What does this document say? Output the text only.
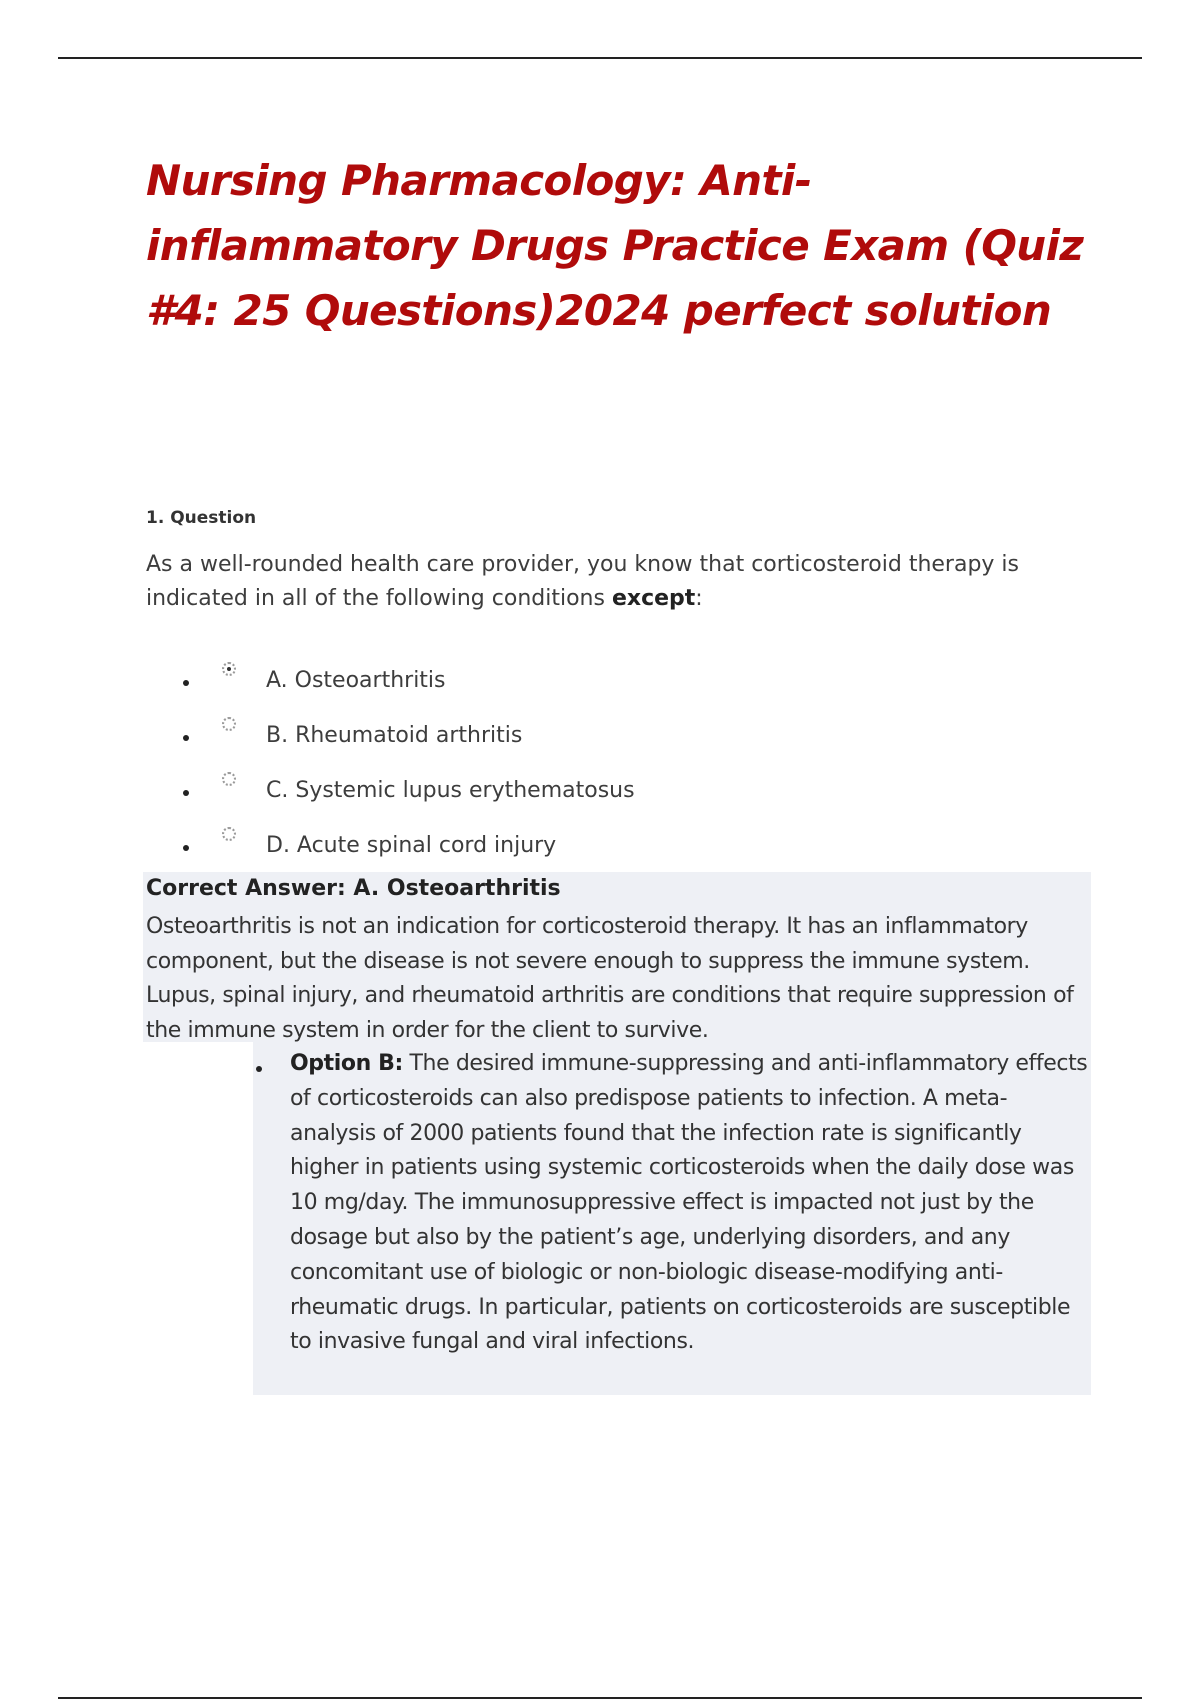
Nursing Pharmacology: Anti-inflammatory Drugs Practice Exam (Quiz #4: 25 Questions)2024 perfect solution

1. Question

As a well-rounded health care provider, you know that corticosteroid therapy is indicated in all of the following conditions except:

A. Osteoarthritis
B. Rheumatoid arthritis
C. Systemic lupus erythematosus
D. Acute spinal cord injury

Correct Answer: A. Osteoarthritis

Osteoarthritis is not an indication for corticosteroid therapy. It has an inflammatory component, but the disease is not severe enough to suppress the immune system. Lupus, spinal injury, and rheumatoid arthritis are conditions that require suppression of the immune system in order for the client to survive.

Option B: The desired immune-suppressing and anti-inflammatory effects of corticosteroids can also predispose patients to infection. A meta-analysis of 2000 patients found that the infection rate is significantly higher in patients using systemic corticosteroids when the daily dose was 10 mg/day. The immunosuppressive effect is impacted not just by the dosage but also by the patient’s age, underlying disorders, and any concomitant use of biologic or non-biologic disease-modifying anti-rheumatic drugs. In particular, patients on corticosteroids are susceptible to invasive fungal and viral infections.
